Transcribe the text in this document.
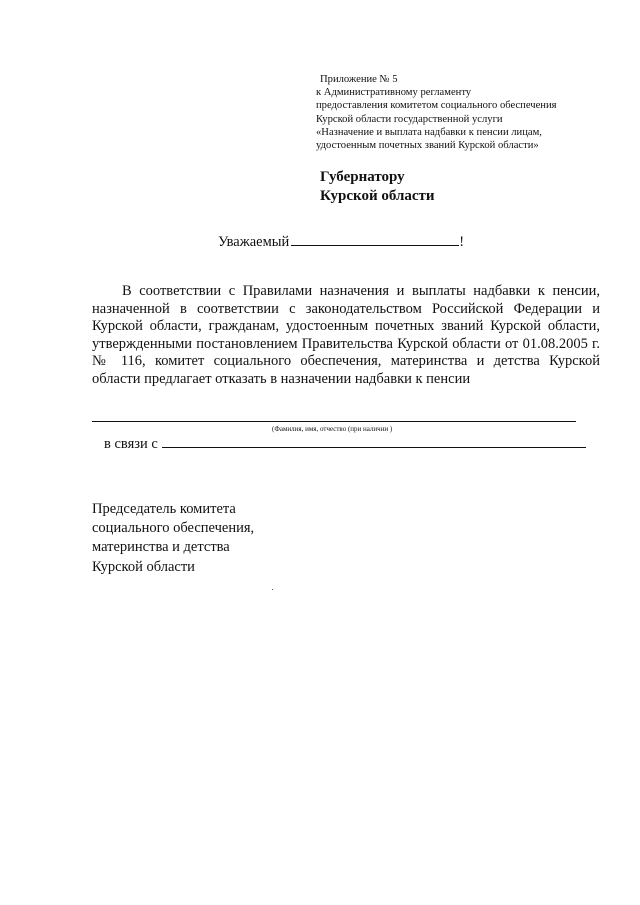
Приложение № 5
к Административному регламенту
предоставления комитетом социального обеспечения
Курской области государственной услуги
«Назначение и выплата надбавки к пенсии лицам,
удостоенным почетных званий Курской области»
Губернатору
Курской области
Уважаемый	!
В соответствии с Правилами назначения и выплаты надбавки к пенсии, назначенной в соответствии с законодательством Российской Федерации и Курской области, гражданам, удостоенным почетных званий Курской области, утвержденными постановлением Правительства Курской области от 01.08.2005 г. № 116, комитет социального обеспечения, материнства и детства Курской области предлагает отказать в назначении надбавки к пенсии
(Фамилия, имя, отчество (при наличии )
в связи с
Председатель комитета
социального обеспечения,
материнства и детства
Курской области
